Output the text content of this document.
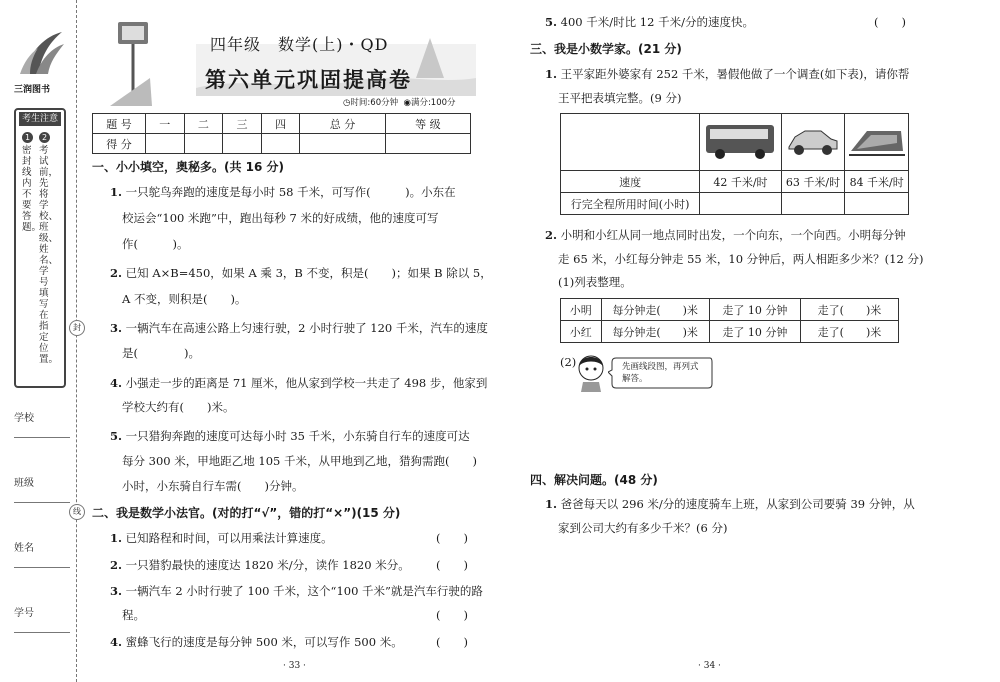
三润图书
考生注意
1 密封线内不要答题。
2 考试前，先将学校、班级、姓名、学号填写在指定位置。
学校
班级
姓名
学号
封
线
四年级　数学(上)・QD
第六单元巩固提高卷
◷时间:60分钟 ◉满分:100分
题 号	一	二	三	四	总 分	等 级
得 分						
一、小小填空，奥秘多。(共 16 分)
1. 一只鸵鸟奔跑的速度是每小时 58 千米，可写作(　　　)。小东在
校运会“100 米跑”中，跑出每秒 7 米的好成绩，他的速度可写
作(　　　)。
2. 已知 A×B=450，如果 A 乘 3，B 不变，积是(　　)；如果 B 除以 5，
A 不变，则积是(　　)。
3. 一辆汽车在高速公路上匀速行驶，2 小时行驶了 120 千米，汽车的速度
是(　　　　)。
4. 小强走一步的距离是 71 厘米，他从家到学校一共走了 498 步，他家到
学校大约有(　　)米。
5. 一只猎狗奔跑的速度可达每小时 35 千米，小东骑自行车的速度可达
每分 300 米，甲地距乙地 105 千米，从甲地到乙地，猎狗需跑(　　)
小时，小东骑自行车需(　　)分钟。
二、我是数学小法官。(对的打“√”，错的打“×”)(15 分)
1. 已知路程和时间，可以用乘法计算速度。	(　　)
2. 一只猎豹最快的速度达 1820 米/分，读作 1820 米分。 (　　)
3. 一辆汽车 2 小时行驶了 100 千米，这个“100 千米”就是汽车行驶的路
程。	(　　)
4. 蜜蜂飞行的速度是每分钟 500 米，可以写作 500 米。	(　　)
· 33 ·
5. 400 千米/时比 12 千米/分的速度快。	(　　)
三、我是小数学家。(21 分)
1. 王平家距外婆家有 252 千米，暑假他做了一个调查(如下表)，请你帮
王平把表填完整。(9 分)

速度	42 千米/时	63 千米/时	84 千米/时
行完全程所用时间(小时)			
2. 小明和小红从同一地点同时出发，一个向东，一个向西。小明每分钟
走 65 米，小红每分钟走 55 米，10 分钟后，两人相距多少米？(12 分)
(1)列表整理。
小明	每分钟走(　　)米	走了 10 分钟	走了(　　)米
小红	每分钟走(　　)米	走了 10 分钟	走了(　　)米
(2)	先画线段图，再列式
解答。
四、解决问题。(48 分)
1. 爸爸每天以 296 米/分的速度骑车上班，从家到公司要骑 39 分钟，从
家到公司大约有多少千米？(6 分)
· 34 ·
